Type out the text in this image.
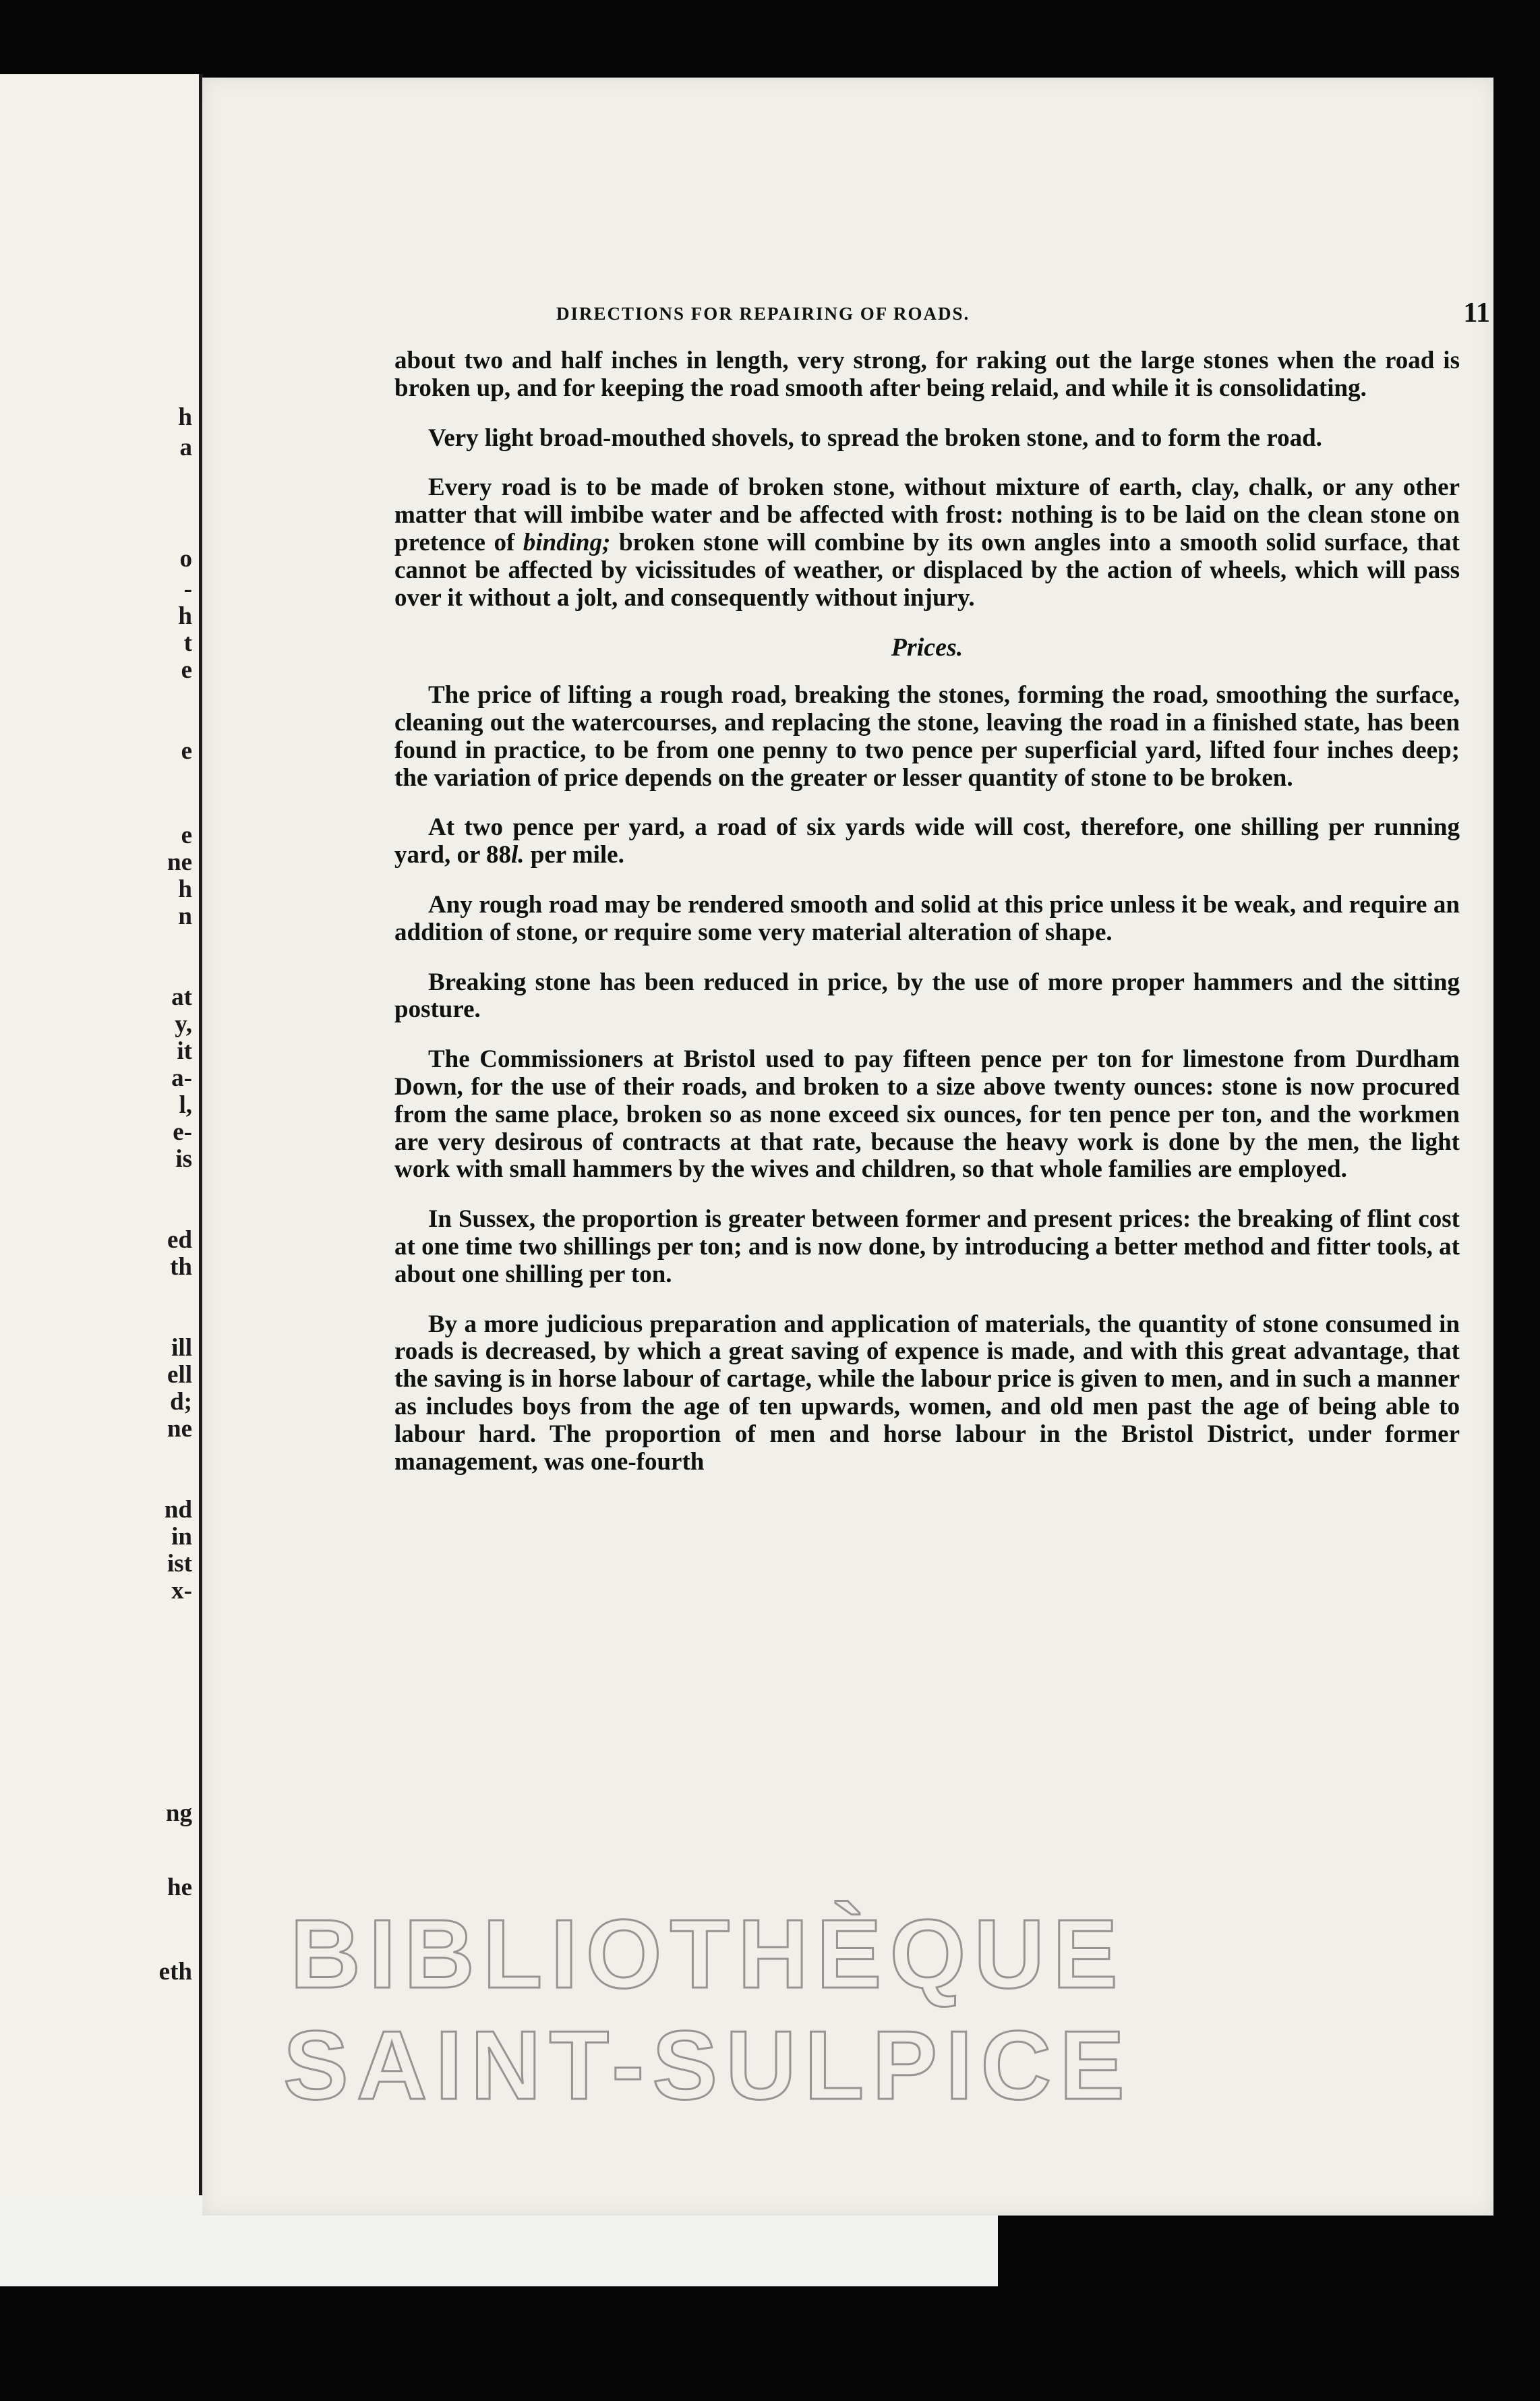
h
a
o
-
h
t
e
e
e
ne
h
n
at
y,
it
a-
l,
e-
is
ed
th
ill
ell
d;
ne
nd
in
ist
x-
ng
he
eth
DIRECTIONS FOR REPAIRING OF ROADS.	11

about two and half inches in length, very strong, for raking out the large stones when the road is broken up, and for keeping the road smooth after being relaid, and while it is consolidating.

Very light broad-mouthed shovels, to spread the broken stone, and to form the road.

Every road is to be made of broken stone, without mixture of earth, clay, chalk, or any other matter that will imbibe water and be affected with frost: nothing is to be laid on the clean stone on pretence of binding; broken stone will combine by its own angles into a smooth solid surface, that cannot be affected by vicissitudes of weather, or displaced by the action of wheels, which will pass over it without a jolt, and consequently without injury.

Prices.

The price of lifting a rough road, breaking the stones, forming the road, smoothing the surface, cleaning out the watercourses, and replacing the stone, leaving the road in a finished state, has been found in practice, to be from one penny to two pence per superficial yard, lifted four inches deep; the variation of price depends on the greater or lesser quantity of stone to be broken.

At two pence per yard, a road of six yards wide will cost, therefore, one shilling per running yard, or 88l. per mile.

Any rough road may be rendered smooth and solid at this price unless it be weak, and require an addition of stone, or require some very material alteration of shape.

Breaking stone has been reduced in price, by the use of more proper hammers and the sitting posture.

The Commissioners at Bristol used to pay fifteen pence per ton for limestone from Durdham Down, for the use of their roads, and broken to a size above twenty ounces: stone is now procured from the same place, broken so as none exceed six ounces, for ten pence per ton, and the workmen are very desirous of contracts at that rate, because the heavy work is done by the men, the light work with small hammers by the wives and children, so that whole families are employed.

In Sussex, the proportion is greater between former and present prices: the breaking of flint cost at one time two shillings per ton; and is now done, by introducing a better method and fitter tools, at about one shilling per ton.

By a more judicious preparation and application of materials, the quantity of stone consumed in roads is decreased, by which a great saving of expence is made, and with this great advantage, that the saving is in horse labour of cartage, while the labour price is given to men, and in such a manner as includes boys from the age of ten upwards, women, and old men past the age of being able to labour hard. The proportion of men and horse labour in the Bristol District, under former management, was one-fourth

BIBLIOTHÈQUE
SAINT-SULPICE
